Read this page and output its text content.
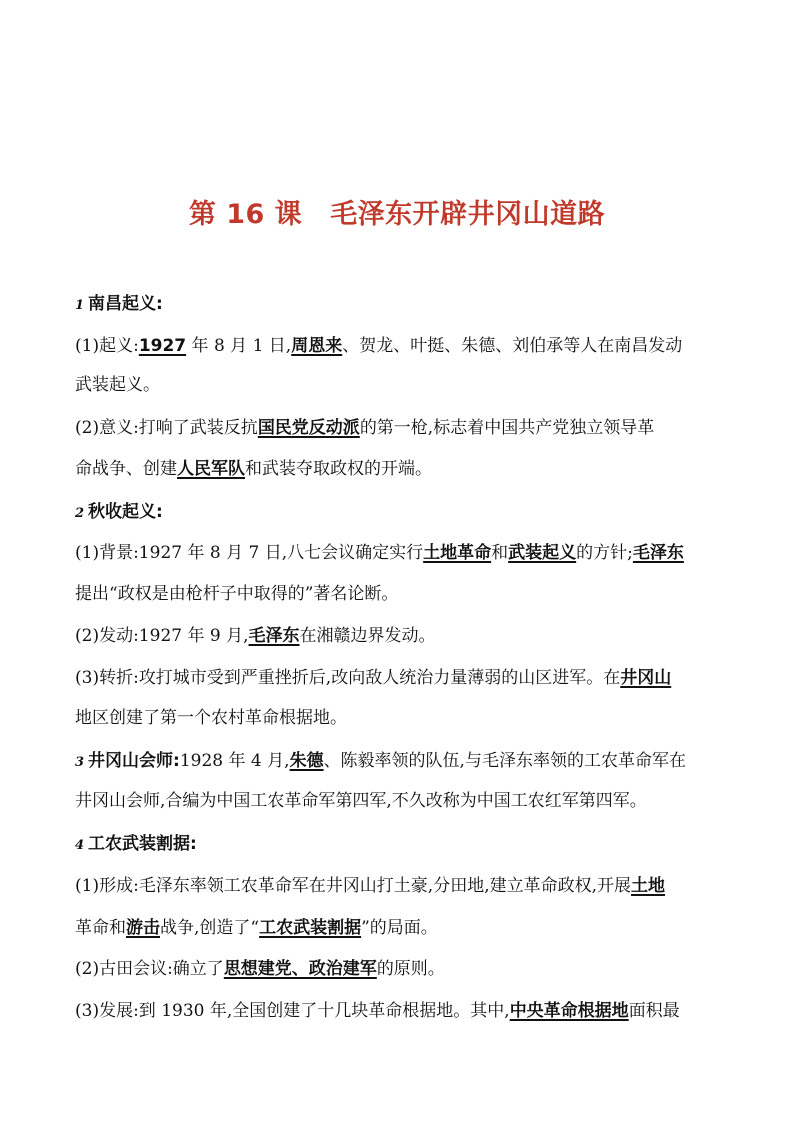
第 16 课 毛泽东开辟井冈山道路
1 南昌起义:
(1)起义:1927 年 8 月 1 日,周恩来、贺龙、叶挺、朱德、刘伯承等人在南昌发动
武装起义。
(2)意义:打响了武装反抗国民党反动派的第一枪,标志着中国共产党独立领导革
命战争、创建人民军队和武装夺取政权的开端。
2 秋收起义:
(1)背景:1927 年 8 月 7 日,八七会议确定实行土地革命和武装起义的方针;毛泽东
提出“政权是由枪杆子中取得的”著名论断。
(2)发动:1927 年 9 月,毛泽东在湘赣边界发动。
(3)转折:攻打城市受到严重挫折后,改向敌人统治力量薄弱的山区进军。在井冈山
地区创建了第一个农村革命根据地。
3 井冈山会师:1928 年 4 月,朱德、陈毅率领的队伍,与毛泽东率领的工农革命军在
井冈山会师,合编为中国工农革命军第四军,不久改称为中国工农红军第四军。
4 工农武装割据:
(1)形成:毛泽东率领工农革命军在井冈山打土豪,分田地,建立革命政权,开展土地
革命和游击战争,创造了“工农武装割据”的局面。
(2)古田会议:确立了思想建党、政治建军的原则。
(3)发展:到 1930 年,全国创建了十几块革命根据地。其中,中央革命根据地面积最
